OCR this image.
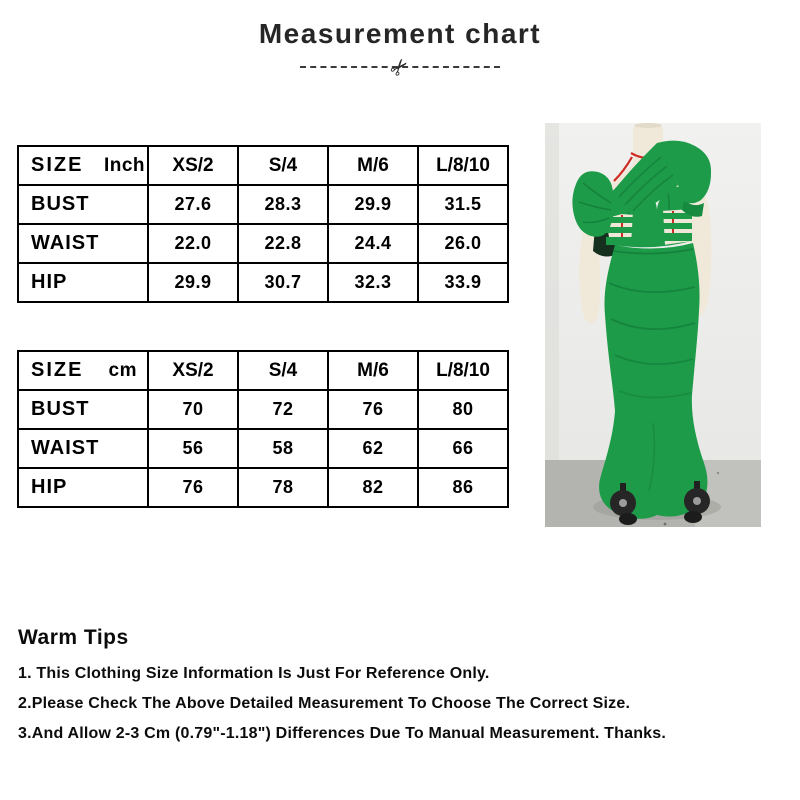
Measurement chart
✂
SIZE Inch	XS/2	S/4	M/6	L/8/10
BUST	27.6	28.3	29.9	31.5
WAIST	22.0	22.8	24.4	26.0
HIP	29.9	30.7	32.3	33.9
SIZE cm	XS/2	S/4	M/6	L/8/10
BUST	70	72	76	80
WAIST	56	58	62	66
HIP	76	78	82	86
Warm Tips

1. This Clothing Size Information Is Just For Reference Only.

2.Please Check The Above Detailed Measurement To Choose The Correct Size.

3.And Allow 2-3 Cm (0.79"-1.18") Differences Due To Manual Measurement. Thanks.
